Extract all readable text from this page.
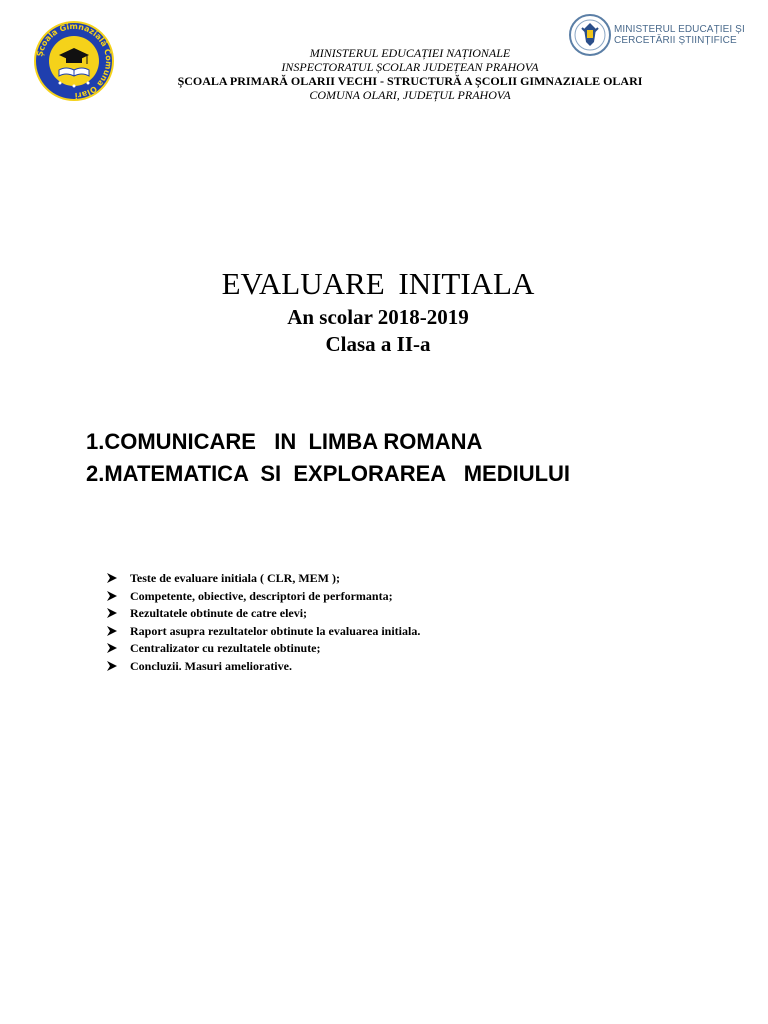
Școala Gimnazială Comuna Olari
MINISTERUL EDUCAȚIEI ȘI
CERCETĂRII ȘTIINȚIFICE
MINISTERUL EDUCAȚIEI NAȚIONALE
INSPECTORATUL ȘCOLAR JUDEȚEAN PRAHOVA
ȘCOALA PRIMARĂ OLARII VECHI - STRUCTURĂ A ȘCOLII GIMNAZIALE OLARI
COMUNA OLARI, JUDEȚUL PRAHOVA
EVALUARE INITIALA
An scolar 2018-2019
Clasa a II-a
1.COMUNICARE   IN  LIMBA ROMANA
2.MATEMATICA  SI  EXPLORAREA   MEDIULUI
Teste de evaluare initiala ( CLR, MEM );
Competente, obiective, descriptori de performanta;
Rezultatele obtinute de catre elevi;
Raport asupra rezultatelor obtinute la evaluarea initiala.
Centralizator cu rezultatele obtinute;
Concluzii. Masuri ameliorative.
